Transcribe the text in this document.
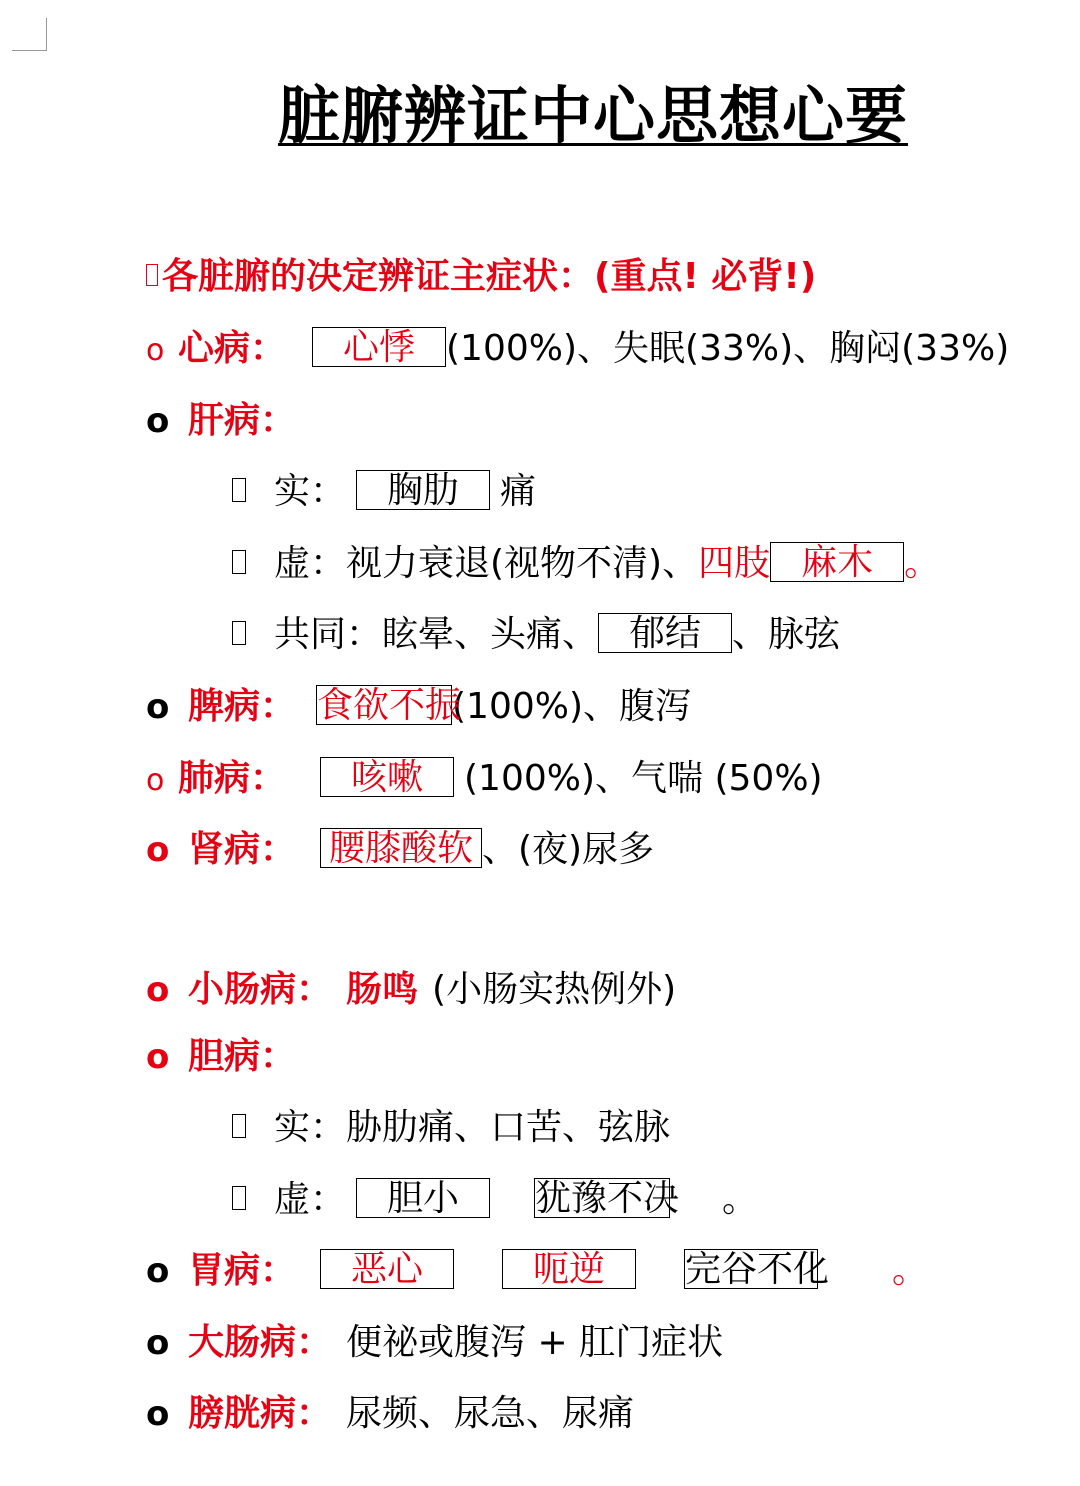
脏腑辨证中心思想心要
各脏腑的决定辨证主症状：(重点! 必背!)
o 心病： 心悸 (100%)、失眠(33%)、胸闷(33%)
o 肝病：
实： 胸肋 痛
虚：视力衰退(视物不清)、四肢 麻木 。
共同：眩晕、头痛、 郁结 、脉弦
o 脾病： 食欲不振(100%)、腹泻
o 肺病： 咳嗽 (100%)、气喘 (50%)
o 肾病： 腰膝酸软 、(夜)尿多
o 小肠病： 肠鸣 (小肠实热例外)
o 胆病：
实：胁肋痛、口苦、弦脉
虚： 胆小 犹豫不决 。
o 胃病： 恶心	呃逆 完谷不化 。
o 大肠病： 便祕或腹泻 + 肛门症状
o 膀胱病： 尿频、尿急、尿痛
